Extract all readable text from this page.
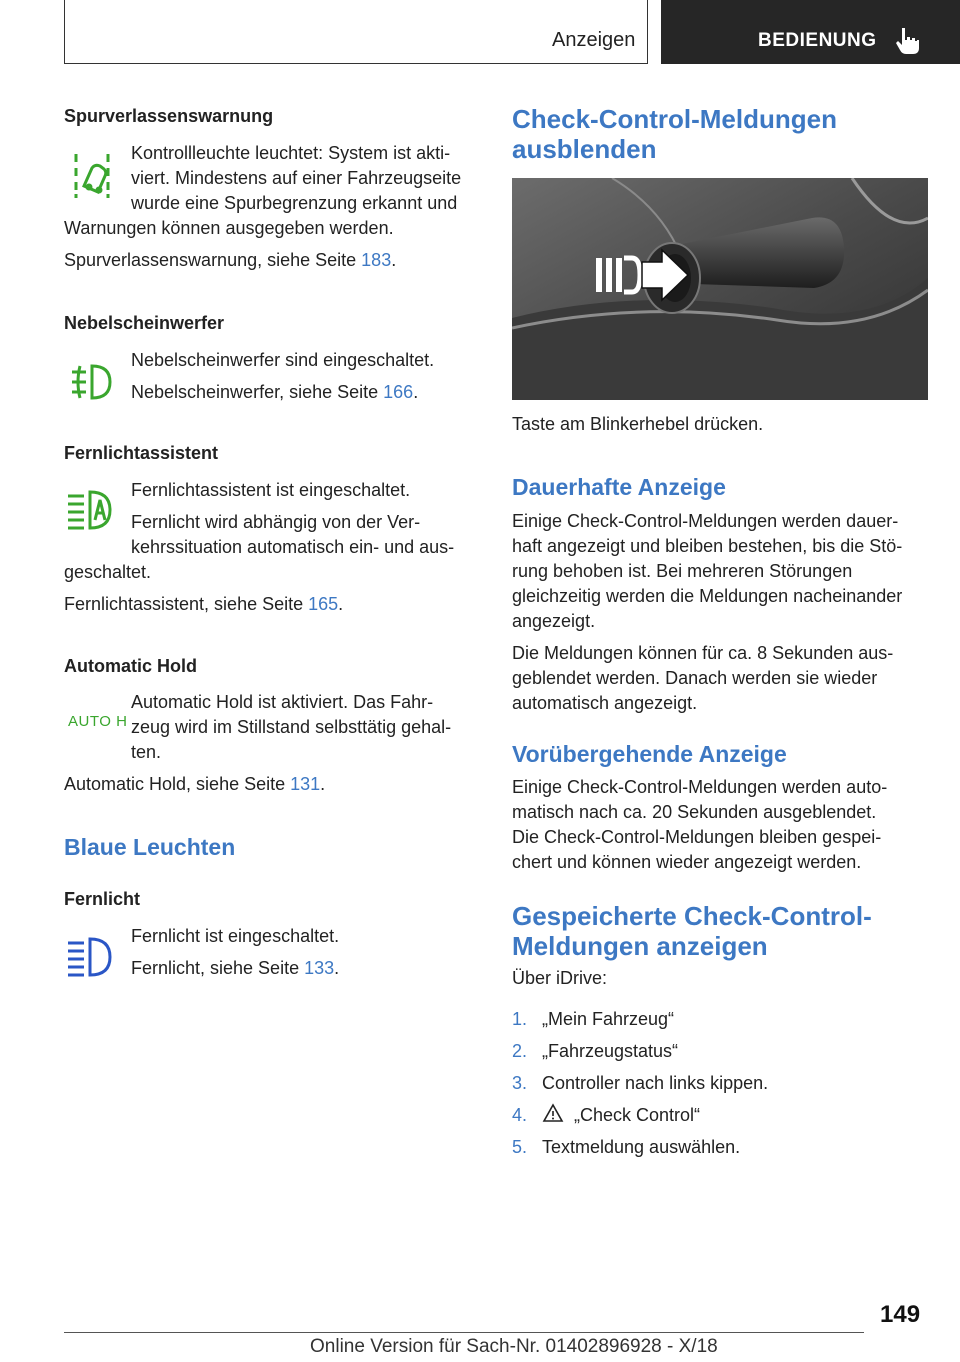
Anzeigen	BEDIENUNG
Spurverlassenswarnung

Kontrollleuchte leuchtet: System ist akti-

viert. Mindestens auf einer Fahrzeugseite

wurde eine Spurbegrenzung erkannt und

Warnungen können ausgegeben werden.

Spurverlassenswarnung, siehe Seite 183.

Nebelscheinwerfer

Nebelscheinwerfer sind eingeschaltet.

Nebelscheinwerfer, siehe Seite 166.

Fernlichtassistent

Fernlichtassistent ist eingeschaltet.

Fernlicht wird abhängig von der Ver-

kehrssituation automatisch ein- und aus-

geschaltet.

Fernlichtassistent, siehe Seite 165.

Automatic Hold
AUTO H

Automatic Hold ist aktiviert. Das Fahr-

zeug wird im Stillstand selbsttätig gehal-

ten.

Automatic Hold, siehe Seite 131.

Blaue Leuchten
Fernlicht

Fernlicht ist eingeschaltet.

Fernlicht, siehe Seite 133.

Check-Control-Meldungen
ausblenden

Taste am Blinkerhebel drücken.

Dauerhafte Anzeige

Einige Check-Control-Meldungen werden dauer-

haft angezeigt und bleiben bestehen, bis die Stö-

rung behoben ist. Bei mehreren Störungen

gleichzeitig werden die Meldungen nacheinander

angezeigt.

Die Meldungen können für ca. 8 Sekunden aus-

geblendet werden. Danach werden sie wieder

automatisch angezeigt.

Vorübergehende Anzeige

Einige Check-Control-Meldungen werden auto-

matisch nach ca. 20 Sekunden ausgeblendet.

Die Check-Control-Meldungen bleiben gespei-

chert und können wieder angezeigt werden.

Gespeicherte Check-Control-
Meldungen anzeigen

Über iDrive:

1. „Mein Fahrzeug“
2. „Fahrzeugstatus“
3. Controller nach links kippen.
4.	„Check Control“
5. Textmeldung auswählen.
149
Online Version für Sach-Nr. 01402896928 - X/18
